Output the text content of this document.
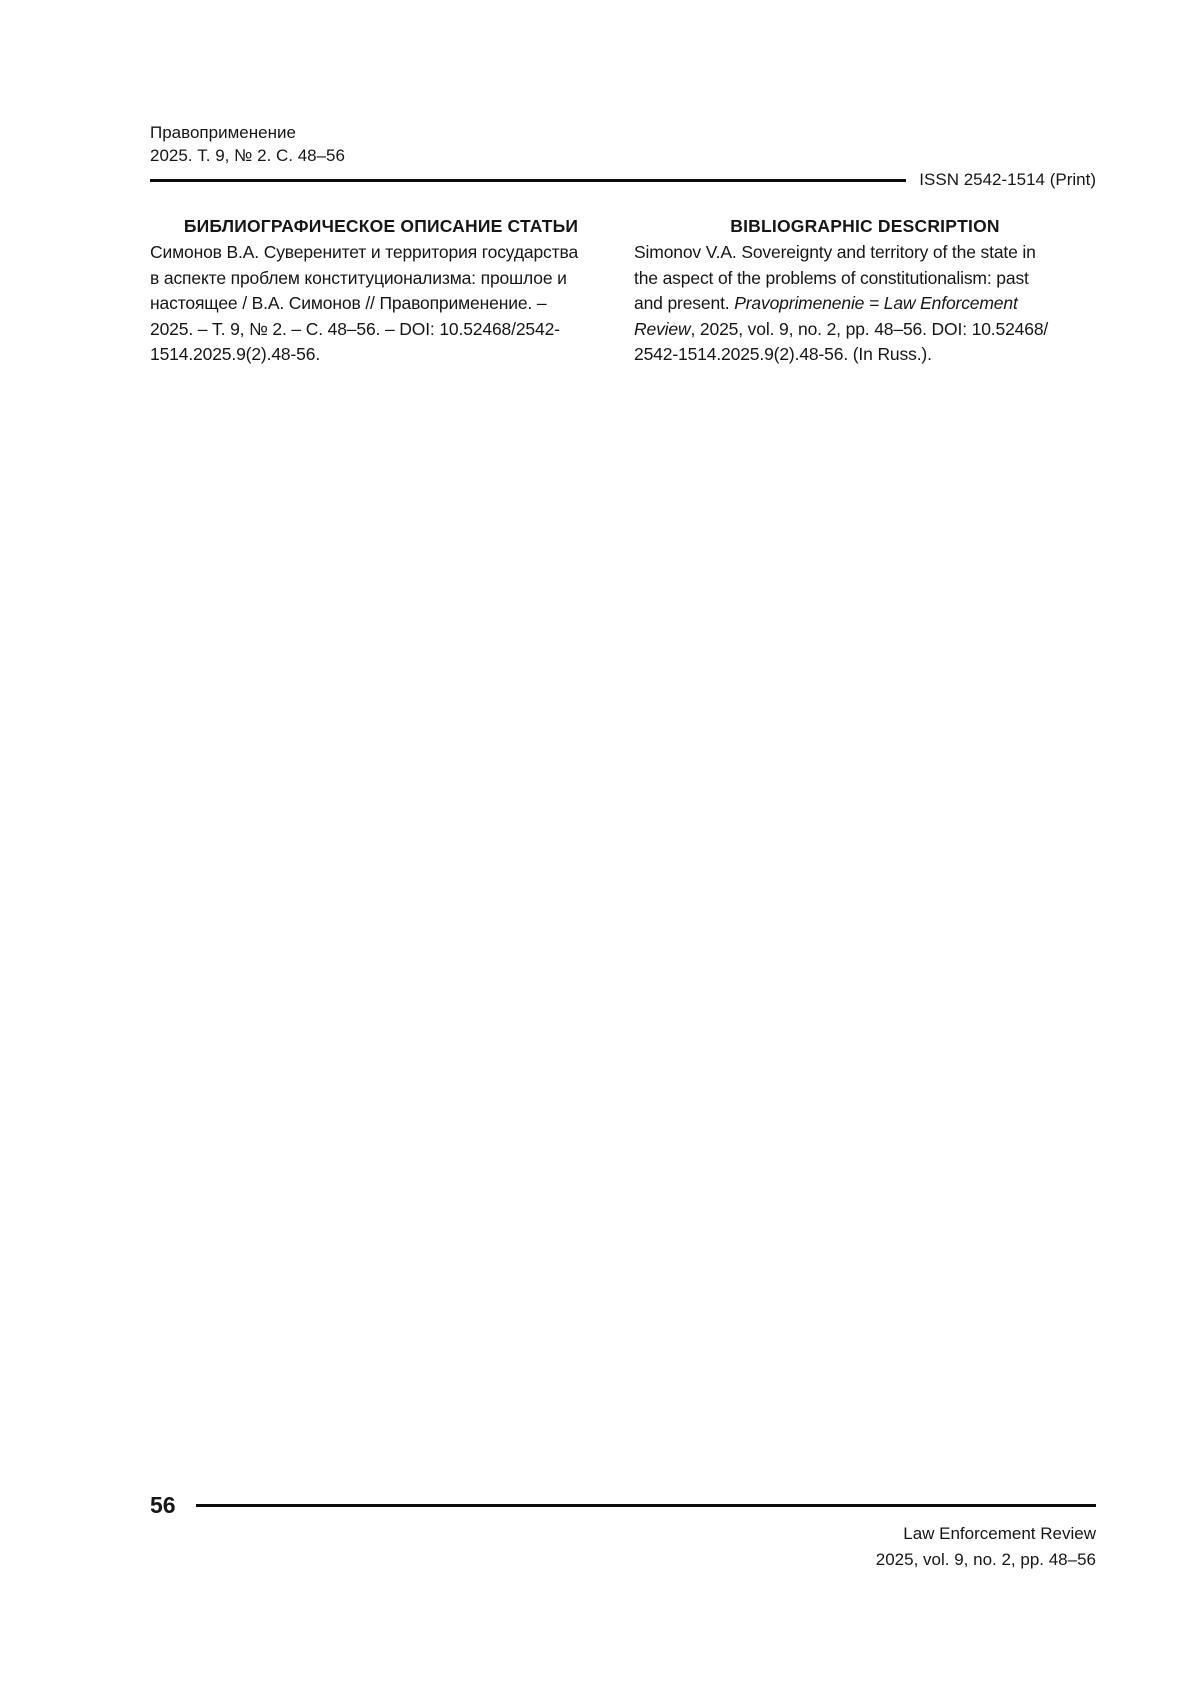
Правоприменение
2025. Т. 9, № 2. С. 48–56
ISSN 2542-1514 (Print)
БИБЛИОГРАФИЧЕСКОЕ ОПИСАНИЕ СТАТЬИ
Симонов В.А. Суверенитет и территория государства
в аспекте проблем конституционализма: прошлое и
настоящее / В.А. Симонов // Правоприменение. –
2025. – Т. 9, № 2. – С. 48–56. – DOI: 10.52468/2542-
1514.2025.9(2).48-56.
BIBLIOGRAPHIC DESCRIPTION
Simonov V.A. Sovereignty and territory of the state in
the aspect of the problems of constitutionalism: past
and present. Pravoprimenenie = Law Enforcement
Review, 2025, vol. 9, no. 2, pp. 48–56. DOI: 10.52468/
2542-1514.2025.9(2).48-56. (In Russ.).
56
Law Enforcement Review
2025, vol. 9, no. 2, pp. 48–56
